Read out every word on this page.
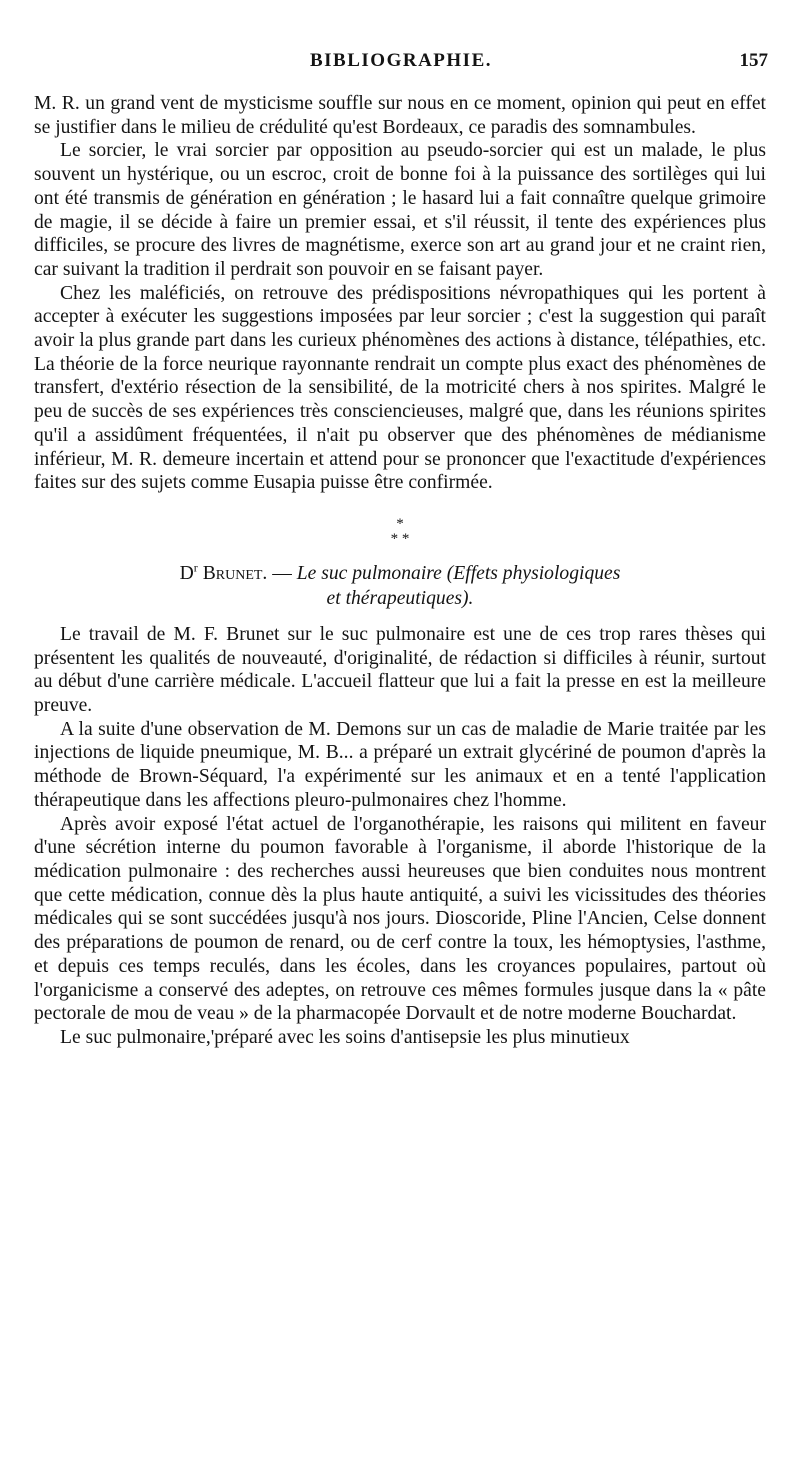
BIBLIOGRAPHIE.	157

M. R. un grand vent de mysticisme souffle sur nous en ce moment, opinion qui peut en effet se justifier dans le milieu de crédulité qu'est Bordeaux, ce paradis des somnambules.

Le sorcier, le vrai sorcier par opposition au pseudo-sorcier qui est un malade, le plus souvent un hystérique, ou un escroc, croit de bonne foi à la puissance des sortilèges qui lui ont été transmis de génération en génération ; le hasard lui a fait connaître quelque grimoire de magie, il se décide à faire un premier essai, et s'il réussit, il tente des expériences plus difficiles, se procure des livres de magnétisme, exerce son art au grand jour et ne craint rien, car suivant la tradition il perdrait son pouvoir en se faisant payer.

Chez les maléficiés, on retrouve des prédispositions névropathiques qui les portent à accepter à exécuter les suggestions imposées par leur sorcier ; c'est la suggestion qui paraît avoir la plus grande part dans les curieux phénomènes des actions à distance, télépathies, etc. La théorie de la force neurique rayonnante rendrait un compte plus exact des phénomènes de transfert, d'extério résection de la sensibilité, de la motricité chers à nos spirites. Malgré le peu de succès de ses expériences très consciencieuses, malgré que, dans les réunions spirites qu'il a assidûment fréquentées, il n'ait pu observer que des phénomènes de médianisme inférieur, M. R. demeure incertain et attend pour se prononcer que l'exactitude d'expériences faites sur des sujets comme Eusapia puisse être confirmée.

*
* *
$D^r$ Brunet. — Le suc pulmonaire (Effets physiologiques
et thérapeutiques).

Le travail de M. F. Brunet sur le suc pulmonaire est une de ces trop rares thèses qui présentent les qualités de nouveauté, d'originalité, de rédaction si difficiles à réunir, surtout au début d'une carrière médicale. L'accueil flatteur que lui a fait la presse en est la meilleure preuve.

A la suite d'une observation de M. Demons sur un cas de maladie de Marie traitée par les injections de liquide pneumique, M. B... a préparé un extrait glycériné de poumon d'après la méthode de Brown-Séquard, l'a expérimenté sur les animaux et en a tenté l'application thérapeutique dans les affections pleuro-pulmonaires chez l'homme.

Après avoir exposé l'état actuel de l'organothérapie, les raisons qui militent en faveur d'une sécrétion interne du poumon favorable à l'organisme, il aborde l'historique de la médication pulmonaire : des recherches aussi heureuses que bien conduites nous montrent que cette médication, connue dès la plus haute antiquité, a suivi les vicissitudes des théories médicales qui se sont succédées jusqu'à nos jours. Dioscoride, Pline l'Ancien, Celse donnent des préparations de poumon de renard, ou de cerf contre la toux, les hémoptysies, l'asthme, et depuis ces temps reculés, dans les écoles, dans les croyances populaires, partout où l'organicisme a conservé des adeptes, on retrouve ces mêmes formules jusque dans la « pâte pectorale de mou de veau » de la pharmacopée Dorvault et de notre moderne Bouchardat.

Le suc pulmonaire,'préparé avec les soins d'antisepsie les plus minutieux
